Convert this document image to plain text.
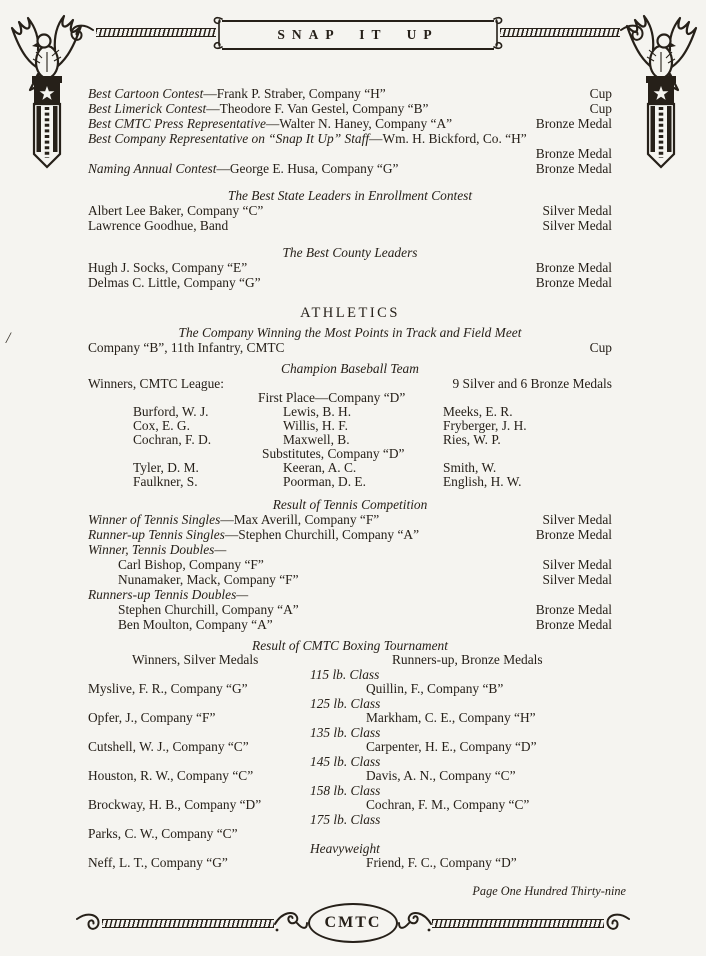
SNAP IT UP
/
Best Cartoon Contest—Frank P. Straber, Company “H”	Cup
Best Limerick Contest—Theodore F. Van Gestel, Company “B”	Cup
Best CMTC Press Representative—Walter N. Haney, Company “A”	Bronze Medal
Best Company Representative on “Snap It Up” Staff—Wm. H. Bickford, Co. “H”
Bronze Medal
Naming Annual Contest—George E. Husa, Company “G”	Bronze Medal
The Best State Leaders in Enrollment Contest
Albert Lee Baker, Company “C”	Silver Medal
Lawrence Goodhue, Band	Silver Medal
The Best County Leaders
Hugh J. Socks, Company “E”	Bronze Medal
Delmas C. Little, Company “G”	Bronze Medal
ATHLETICS
The Company Winning the Most Points in Track and Field Meet
Company “B”, 11th Infantry, CMTC	Cup
Champion Baseball Team
Winners, CMTC League:	9 Silver and 6 Bronze Medals
First Place—Company “D”
Burford, W. J.	Lewis, B. H.	Meeks, E. R.
Cox, E. G.	Willis, H. F.	Fryberger, J. H.
Cochran, F. D.	Maxwell, B.	Ries, W. P.
Substitutes, Company “D”
Tyler, D. M.	Keeran, A. C.	Smith, W.
Faulkner, S.	Poorman, D. E.	English, H. W.
Result of Tennis Competition
Winner of Tennis Singles—Max Averill, Company “F”	Silver Medal
Runner-up Tennis Singles—Stephen Churchill, Company “A”	Bronze Medal
Winner, Tennis Doubles—
Carl Bishop, Company “F”	Silver Medal
Nunamaker, Mack, Company “F”	Silver Medal
Runners-up Tennis Doubles—
Stephen Churchill, Company “A”	Bronze Medal
Ben Moulton, Company “A”	Bronze Medal
Result of CMTC Boxing Tournament
Winners, Silver Medals	Runners-up, Bronze Medals
115 lb. Class
Myslive, F. R., Company “G”	Quillin, F., Company “B”
125 lb. Class
Opfer, J., Company “F”	Markham, C. E., Company “H”
135 lb. Class
Cutshell, W. J., Company “C”	Carpenter, H. E., Company “D”
145 lb. Class
Houston, R. W., Company “C”	Davis, A. N., Company “C”
158 lb. Class
Brockway, H. B., Company “D”	Cochran, F. M., Company “C”
175 lb. Class
Parks, C. W., Company “C”
Heavyweight
Neff, L. T., Company “G”	Friend, F. C., Company “D”
Page One Hundred Thirty-nine
CMTC
